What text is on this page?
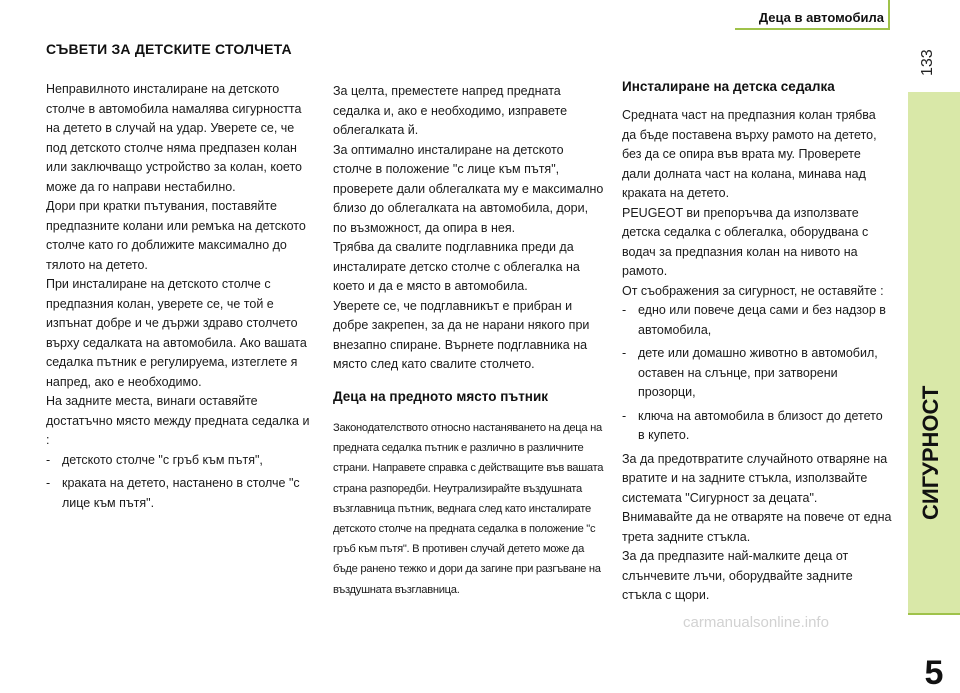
Деца в автомобила
133
СИГУРНОСТ
5
СЪВЕТИ ЗА ДЕТСКИТЕ СТОЛЧЕТА

Неправилното инсталиране на детското столче в автомобила намалява сигурността на детето в случай на удар. Уверете се, че под детското столче няма предпазен колан или заключващо устройство за колан, което може да го направи нестабилно.

Дори при кратки пътувания, поставяйте предпазните колани или ремъка на детското столче като го доближите максимално до тялото на детето.

При инсталиране на детското столче с предпазния колан, уверете се, че той е изпънат добре и че държи здраво столчето върху седалката на автомобила. Ако вашата седалка пътник е регулируема, изтеглете я напред, ако е необходимо.

На задните места, винаги оставяйте достатъчно място между предната седалка и :

- детското столче "с гръб към пътя",

- краката на детето, настанено в столче "с лице към пътя".

За целта, преместете напред предната седалка и, ако е необходимо, изправете облегалката й.

За оптимално инсталиране на детското столче в положение "с лице към пътя", проверете дали облегалката му е максимално близо до облегалката на автомобила, дори, по възможност, да опира в нея.

Трябва да свалите подглавника преди да инсталирате детско столче с облегалка на което и да е място в автомобила.

Уверете се, че подглавникът е прибран и добре закрепен, за да не нарани някого при внезапно спиране. Върнете подглавника на място след като свалите столчето.

Деца на предното място пътник

Законодателството относно настаняването на деца на предната седалка пътник е различно в различните страни. Направете справка с действащите във вашата страна разпоредби. Неутрализирайте въздушната възглавница пътник, веднага след като инсталирате детското столче на предната седалка в положение "с гръб към пътя". В противен случай детето може да бъде ранено тежко и дори да загине при разгъване на въздушната възглавница.

Инсталиране на детска седалка

Средната част на предпазния колан трябва да бъде поставена върху рамото на детето, без да се опира във врата му. Проверете дали долната част на колана, минава над краката на детето.

PEUGEOT ви препоръчва да използвате детска седалка с облегалка, оборудвана с водач за предпазния колан на нивото на рамото.

От съображения за сигурност, не оставяйте :

- едно или повече деца сами и без надзор в автомобила,

- дете или домашно животно в автомобил, оставен на слънце, при затворени прозорци,

- ключа на автомобила в близост до детето в купето.

За да предотвратите случайното отваряне на вратите и на задните стъкла, използвайте системата "Сигурност за децата".

Внимавайте да не отваряте на повече от една трета задните стъкла.

За да предпазите най-малките деца от слънчевите лъчи, оборудвайте задните стъкла с щори.

carmanualsonline.info
